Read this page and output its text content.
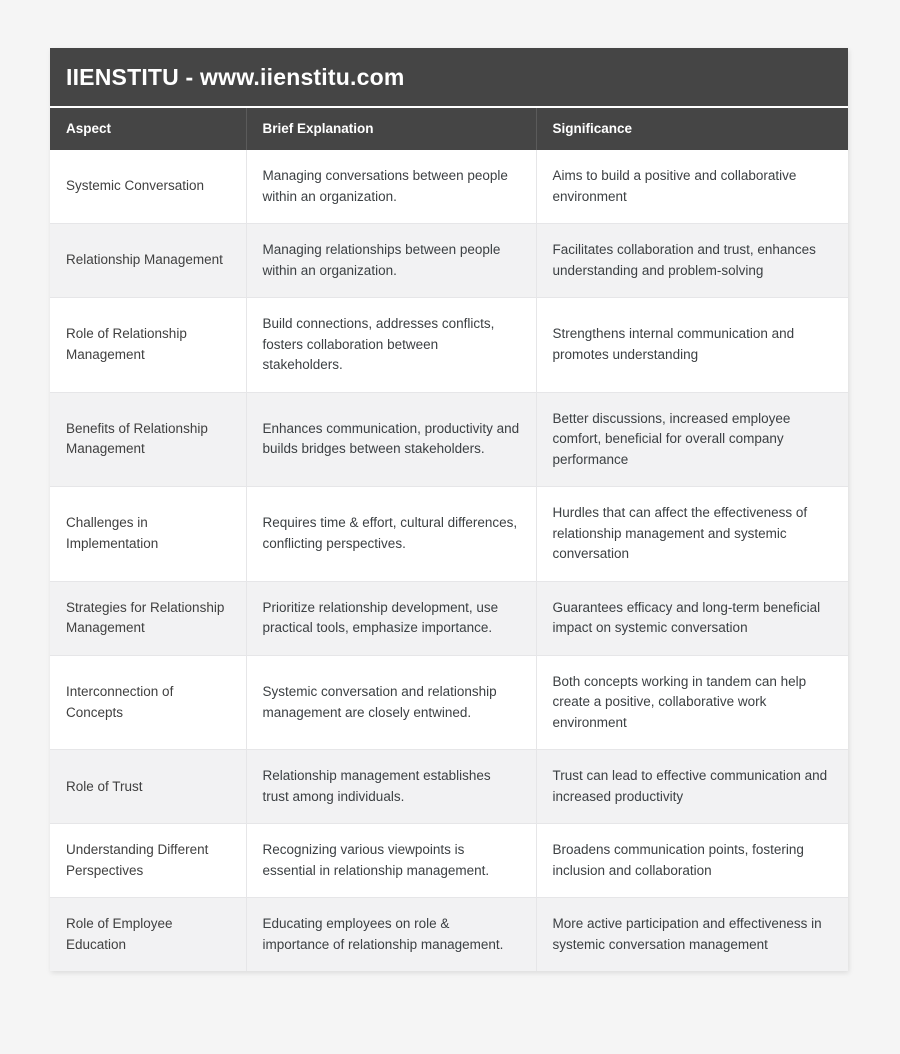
IIENSTITU - www.iienstitu.com
Aspect	Brief Explanation	Significance
Systemic Conversation	Managing conversations between people within an organization.	Aims to build a positive and collaborative environment
Relationship Management	Managing relationships between people within an organization.	Facilitates collaboration and trust, enhances understanding and problem-solving
Role of Relationship Management	Build connections, addresses conflicts, fosters collaboration between stakeholders.	Strengthens internal communication and promotes understanding
Benefits of Relationship Management	Enhances communication, productivity and builds bridges between stakeholders.	Better discussions, increased employee comfort, beneficial for overall company performance
Challenges in Implementation	Requires time & effort, cultural differences, conflicting perspectives.	Hurdles that can affect the effectiveness of relationship management and systemic conversation
Strategies for Relationship Management	Prioritize relationship development, use practical tools, emphasize importance.	Guarantees efficacy and long-term beneficial impact on systemic conversation
Interconnection of Concepts	Systemic conversation and relationship management are closely entwined.	Both concepts working in tandem can help create a positive, collaborative work environment
Role of Trust	Relationship management establishes trust among individuals.	Trust can lead to effective communication and increased productivity
Understanding Different Perspectives	Recognizing various viewpoints is essential in relationship management.	Broadens communication points, fostering inclusion and collaboration
Role of Employee Education	Educating employees on role & importance of relationship management.	More active participation and effectiveness in systemic conversation management
